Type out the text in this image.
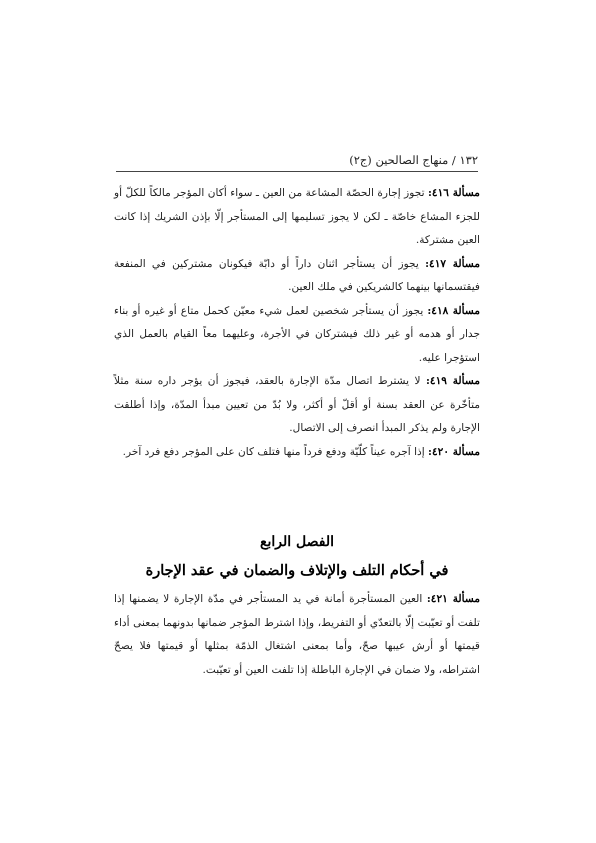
١٣٢ / منهاج الصالحين (ج٢)

مسألة ٤١٦: تجوز إجارة الحصّة المشاعة من العين ـ سواء أكان المؤجر مالكاً للكلّ أو للجزء المشاع خاصّة ـ لكن لا يجوز تسليمها إلى المستأجر إلّا بإذن الشريك إذا كانت العين مشتركة.

مسألة ٤١٧: يجوز أن يستأجر اثنان داراً أو دابّة فيكونان مشتركين في المنفعة فيقتسمانها بينهما كالشريكين في ملك العين.

مسألة ٤١٨: يجوز أن يستأجر شخصين لعمل شيء معيّن كحمل متاع أو غيره أو بناء جدار أو هدمه أو غير ذلك فيشتركان في الأجرة، وعليهما معاً القيام بالعمل الذي استؤجرا عليه.

مسألة ٤١٩: لا يشترط اتصال مدّة الإجارة بالعقد، فيجوز أن يؤجر داره سنة مثلاً متأخّرة عن العقد بسنة أو أقلّ أو أكثر، ولا بُدّ من تعيين مبدأ المدّة، وإذا أطلقت الإجارة ولم يذكر المبدأ انصرف إلى الاتصال.

مسألة ٤٢٠: إذا آجره عيناً كلّيّة ودفع فرداً منها فتلف كان على المؤجر دفع فرد آخر.

الفصل الرابع

في أحكام التلف والإتلاف والضمان في عقد الإجارة

مسألة ٤٢١: العين المستأجرة أمانة في يد المستأجر في مدّة الإجارة لا يضمنها إذا تلفت أو تعيّبت إلّا بالتعدّي أو التفريط، وإذا اشترط المؤجر ضمانها بدونهما بمعنى أداء قيمتها أو أرش عيبها صحّ، وأما بمعنى اشتغال الذمّة بمثلها أو قيمتها فلا يصحّ اشتراطه، ولا ضمان في الإجارة الباطلة إذا تلفت العين أو تعيّبت.
